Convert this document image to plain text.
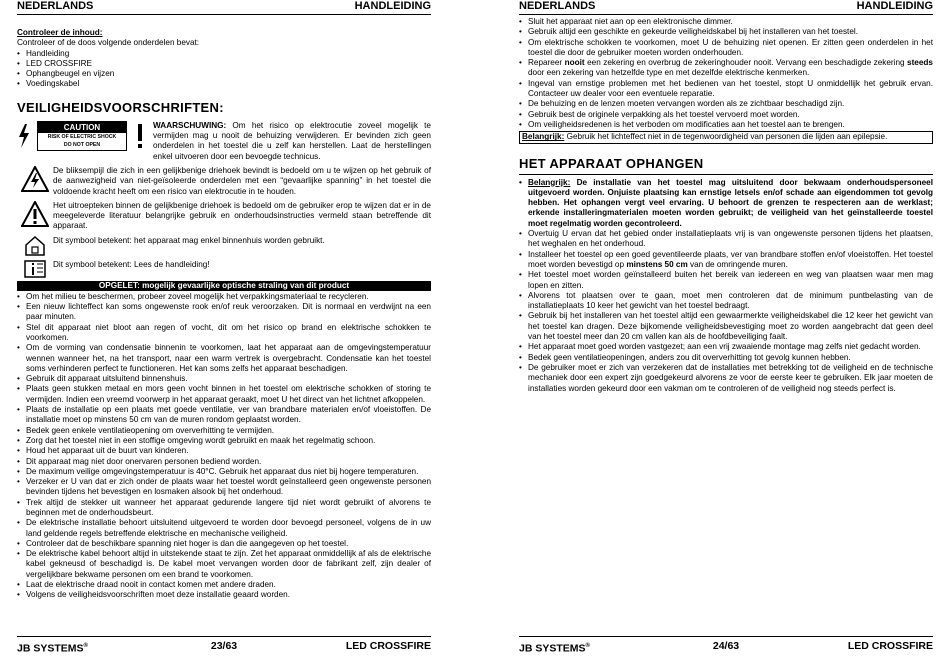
NEDERLANDS	HANDLEIDING
Controleer de inhoud:
Controleer of de doos volgende onderdelen bevat:
• Handleiding
• LED CROSSFIRE
• Ophangbeugel en vijzen
• Voedingskabel
VEILIGHEIDSVOORSCHRIFTEN:
CAUTION
RISK OF ELECTRIC SHOCK
DO NOT OPEN
WAARSCHUWING: Om het risico op elektrocutie zoveel mogelijk te vermijden mag u nooit de behuizing verwijderen. Er bevinden zich geen onderdelen in het toestel die u zelf kan herstellen. Laat de herstellingen enkel uitvoeren door een bevoegde technicus.
De bliksempijl die zich in een gelijkbenige driehoek bevindt is bedoeld om u te wijzen op het gebruik of de aanwezigheid van niet-geïsoleerde onderdelen met een “gevaarlijke spanning” in het toestel die voldoende kracht heeft om een risico van elektrocutie in te houden.
Het uitroepteken binnen de gelijkbenige driehoek is bedoeld om de gebruiker erop te wijzen dat er in de meegeleverde literatuur belangrijke gebruik en onderhoudsinstructies vermeld staan betreffende dit apparaat.
Dit symbool betekent: het apparaat mag enkel binnenhuis worden gebruikt.
Dit symbool betekent: Lees de handleiding!
OPGELET: mogelijk gevaarlijke optische straling van dit product
• Om het milieu te beschermen, probeer zoveel mogelijk het verpakkingsmateriaal te recycleren.
• Een nieuw lichteffect kan soms ongewenste rook en/of reuk veroorzaken. Dit is normaal en verdwijnt na een paar minuten.
• Stel dit apparaat niet bloot aan regen of vocht, dit om het risico op brand en elektrische schokken te voorkomen.
• Om de vorming van condensatie binnenin te voorkomen, laat het apparaat aan de omgevingstemperatuur wennen wanneer het, na het transport, naar een warm vertrek is overgebracht. Condensatie kan het toestel soms verhinderen perfect te functioneren. Het kan soms zelfs het apparaat beschadigen.
• Gebruik dit apparaat uitsluitend binnenshuis.
• Plaats geen stukken metaal en mors geen vocht binnen in het toestel om elektrische schokken of storing te vermijden. Indien een vreemd voorwerp in het apparaat geraakt, moet U het direct van het lichtnet afkoppelen.
• Plaats de installatie op een plaats met goede ventilatie, ver van brandbare materialen en/of vloeistoffen. De installatie moet op minstens 50 cm van de muren rondom geplaatst worden.
• Bedek geen enkele ventilatieopening om oververhitting te vermijden.
• Zorg dat het toestel niet in een stoffige omgeving wordt gebruikt en maak het regelmatig schoon.
• Houd het apparaat uit de buurt van kinderen.
• Dit apparaat mag niet door onervaren personen bediend worden.
• De maximum veilige omgevingstemperatuur is 40°C. Gebruik het apparaat dus niet bij hogere temperaturen.
• Verzeker er U van dat er zich onder de plaats waar het toestel wordt geïnstalleerd geen ongewenste personen bevinden tijdens het bevestigen en losmaken alsook bij het onderhoud.
• Trek altijd de stekker uit wanneer het apparaat gedurende langere tijd niet wordt gebruikt of alvorens te beginnen met de onderhoudsbeurt.
• De elektrische installatie behoort uitsluitend uitgevoerd te worden door bevoegd personeel, volgens de in uw land geldende regels betreffende elektrische en mechanische veiligheid.
• Controleer dat de beschikbare spanning niet hoger is dan die aangegeven op het toestel.
• De elektrische kabel behoort altijd in uitstekende staat te zijn. Zet het apparaat onmiddellijk af als de elektrische kabel gekneusd of beschadigd is. De kabel moet vervangen worden door de fabrikant zelf, zijn dealer of vergelijkbare bekwame personen om een brand te voorkomen.
• Laat de elektrische draad nooit in contact komen met andere draden.
• Volgens de veiligheidsvoorschriften moet deze installatie geaard worden.
JB SYSTEMS®	23/63	LED CROSSFIRE
NEDERLANDS	HANDLEIDING
• Sluit het apparaat niet aan op een elektronische dimmer.
• Gebruik altijd een geschikte en gekeurde veiligheidskabel bij het installeren van het toestel.
• Om elektrische schokken te voorkomen, moet U de behuizing niet openen. Er zitten geen onderdelen in het toestel die door de gebruiker moeten worden onderhouden.
• Repareer nooit een zekering en overbrug de zekeringhouder nooit. Vervang een beschadigde zekering steeds door een zekering van hetzelfde type en met dezelfde elektrische kenmerken.
• Ingeval van ernstige problemen met het bedienen van het toestel, stopt U onmiddellijk het gebruik ervan. Contacteer uw dealer voor een eventuele reparatie.
• De behuizing en de lenzen moeten vervangen worden als ze zichtbaar beschadigd zijn.
• Gebruik best de originele verpakking als het toestel vervoerd moet worden.
• Om veiligheidsredenen is het verboden om modificaties aan het toestel aan te brengen.
Belangrijk: Gebruik het lichteffect niet in de tegenwoordigheid van personen die lijden aan epilepsie.
HET APPARAAT OPHANGEN
• Belangrijk: De installatie van het toestel mag uitsluitend door bekwaam onderhoudspersoneel uitgevoerd worden. Onjuiste plaatsing kan ernstige letsels en/of schade aan eigendommen tot gevolg hebben. Het ophangen vergt veel ervaring. U behoort de grenzen te respecteren aan de werklast; erkende installeringmaterialen moeten worden gebruikt; de veiligheid van het geïnstalleerde toestel moet regelmatig worden gecontroleerd.
• Overtuig U ervan dat het gebied onder installatieplaats vrij is van ongewenste personen tijdens het plaatsen, het weghalen en het onderhoud.
• Installeer het toestel op een goed geventileerde plaats, ver van brandbare stoffen en/of vloeistoffen. Het toestel moet worden bevestigd op minstens 50 cm van de omringende muren.
• Het toestel moet worden geïnstalleerd buiten het bereik van iedereen en weg van plaatsen waar men mag lopen en zitten.
• Alvorens tot plaatsen over te gaan, moet men controleren dat de minimum puntbelasting van de installatieplaats 10 keer het gewicht van het toestel bedraagt.
• Gebruik bij het installeren van het toestel altijd een gewaarmerkte veiligheidskabel die 12 keer het gewicht van het toestel kan dragen. Deze bijkomende veiligheidsbevestiging moet zo worden aangebracht dat geen deel van het toestel meer dan 20 cm vallen kan als de hoofdbeveiliging faalt.
• Het apparaat moet goed worden vastgezet; aan een vrij zwaaiende montage mag zelfs niet gedacht worden.
• Bedek geen ventilatieopeningen, anders zou dit oververhitting tot gevolg kunnen hebben.
• De gebruiker moet er zich van verzekeren dat de installaties met betrekking tot de veiligheid en de technische mechaniek door een expert zijn goedgekeurd alvorens ze voor de eerste keer te gebruiken. Elk jaar moeten de installaties worden gekeurd door een vakman om te controleren of de veiligheid nog steeds perfect is.
JB SYSTEMS®	24/63	LED CROSSFIRE
